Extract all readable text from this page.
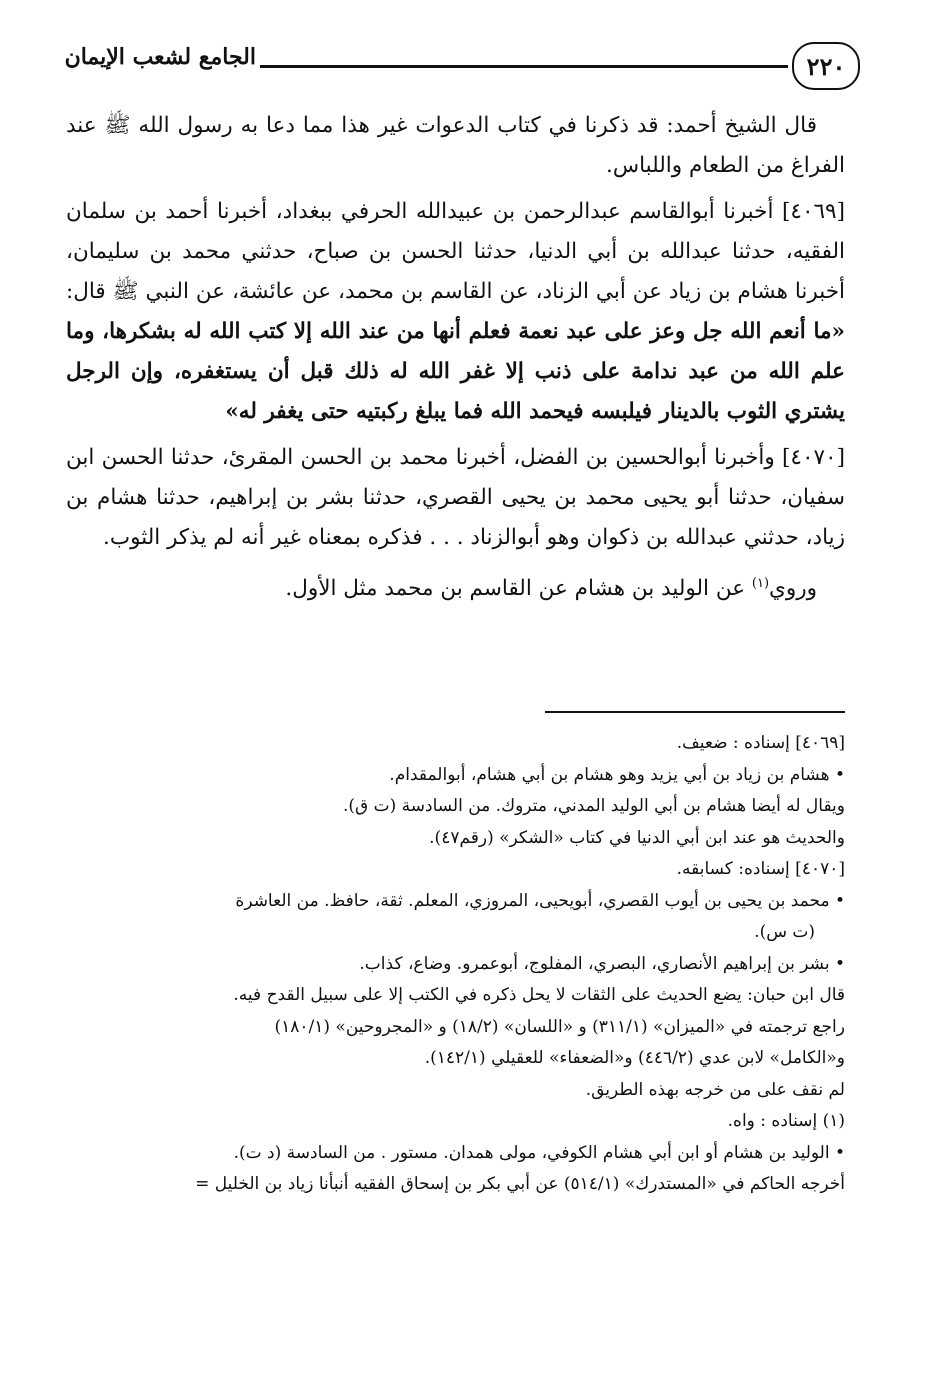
الجامع لشعب الإيمان	٢٢٠

قال الشيخ أحمد: قد ذكرنا في كتاب الدعوات غير هذا مما دعا به رسول الله ﷺ عند الفراغ من الطعام واللباس.

[٤٠٦٩] أخبرنا أبوالقاسم عبدالرحمن بن عبيدالله الحرفي ببغداد، أخبرنا أحمد بن سلمان الفقيه، حدثنا عبدالله بن أبي الدنيا، حدثنا الحسن بن صباح، حدثني محمد بن سليمان، أخبرنا هشام بن زياد عن أبي الزناد، عن القاسم بن محمد، عن عائشة، عن النبي ﷺ قال: «ما أنعم الله جل وعز على عبد نعمة فعلم أنها من عند الله إلا كتب الله له بشكرها، وما علم الله من عبد ندامة على ذنب إلا غفر الله له ذلك قبل أن يستغفره، وإن الرجل يشتري الثوب بالدينار فيلبسه فيحمد الله فما يبلغ ركبتيه حتى يغفر له»

[٤٠٧٠] وأخبرنا أبوالحسين بن الفضل، أخبرنا محمد بن الحسن المقرئ، حدثنا الحسن ابن سفيان، حدثنا أبو يحيى محمد بن يحيى القصري، حدثنا بشر بن إبراهيم، حدثنا هشام بن زياد، حدثني عبدالله بن ذكوان وهو أبوالزناد . . . فذكره بمعناه غير أنه لم يذكر الثوب.

وروي$^{(١)}$ عن الوليد بن هشام عن القاسم بن محمد مثل الأول.

[٤٠٦٩] إسناده : ضعيف.

• هشام بن زياد بن أبي يزيد وهو هشام بن أبي هشام، أبوالمقدام.

ويقال له أيضا هشام بن أبي الوليد المدني، متروك. من السادسة (ت ق).

والحديث هو عند ابن أبي الدنيا في كتاب «الشكر» (رقم٤٧).

[٤٠٧٠] إسناده: كسابقه.

• محمد بن يحيى بن أيوب القصري، أبويحيى، المروزي، المعلم. ثقة، حافظ. من العاشرة

(ت س).

• بشر بن إبراهيم الأنصاري، البصري، المفلوج، أبوعمرو. وضاع، كذاب.

قال ابن حبان: يضع الحديث على الثقات لا يحل ذكره في الكتب إلا على سبيل القدح فيه.

راجع ترجمته في «الميزان» (٣١١/١) و «اللسان» (١٨/٢) و «المجروحين» (١٨٠/١)

و«الكامل» لابن عدي (٤٤٦/٢) و«الضعفاء» للعقيلي (١٤٢/١).

لم نقف على من خرجه بهذه الطريق.

(١) إسناده : واه.

• الوليد بن هشام أو ابن أبي هشام الكوفي، مولى همدان. مستور . من السادسة (د ت).

أخرجه الحاكم في «المستدرك» (٥١٤/١) عن أبي بكر بن إسحاق الفقيه أنبأنا زياد بن الخليل =
